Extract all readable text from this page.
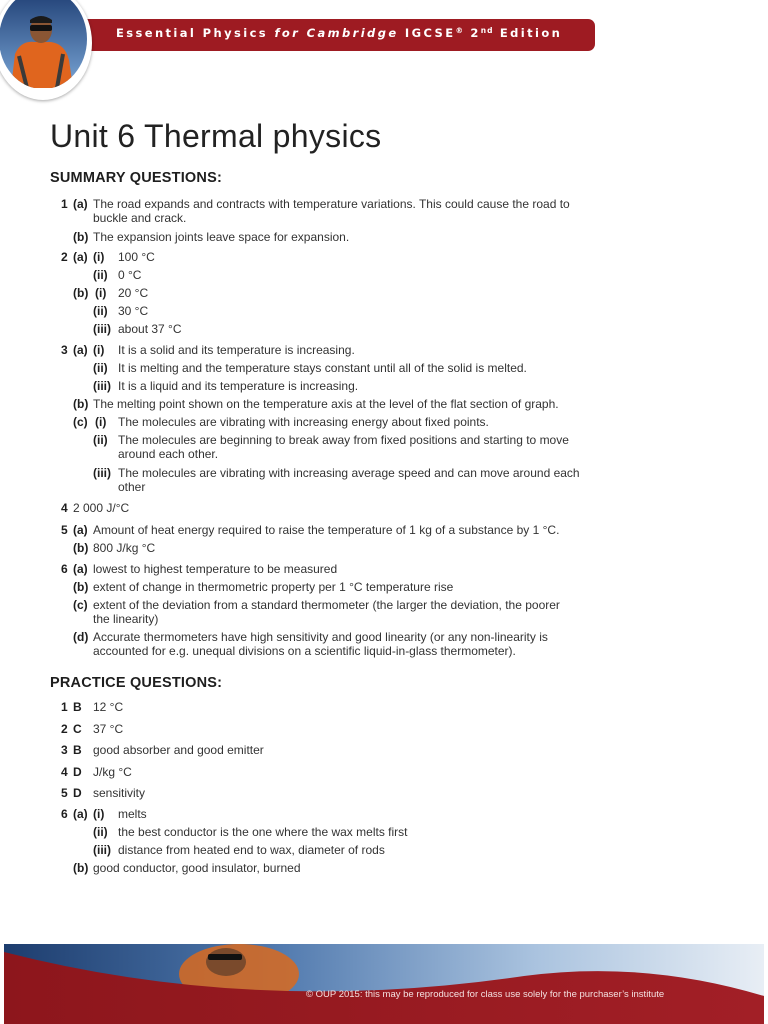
Essential Physics for Cambridge IGCSE® 2nd Edition
Unit 6 Thermal physics
SUMMARY QUESTIONS:
1 (a) The road expands and contracts with temperature variations. This could cause the road to
buckle and crack.
(b) The expansion joints leave space for expansion.
2 (a) (i) 100 °C
(ii) 0 °C
(b) (i) 20 °C
(ii) 30 °C
(iii) about 37 °C
3 (a) (i) It is a solid and its temperature is increasing.
(ii) It is melting and the temperature stays constant until all of the solid is melted.
(iii) It is a liquid and its temperature is increasing.
(b) The melting point shown on the temperature axis at the level of the flat section of graph.
(c) (i) The molecules are vibrating with increasing energy about fixed points.
(ii) The molecules are beginning to break away from fixed positions and starting to move
around each other.
(iii) The molecules are vibrating with increasing average speed and can move around each
other
4 2 000 J/°C
5 (a) Amount of heat energy required to raise the temperature of 1 kg of a substance by 1 °C.
(b) 800 J/kg °C
6 (a) lowest to highest temperature to be measured
(b) extent of change in thermometric property per 1 °C temperature rise
(c) extent of the deviation from a standard thermometer (the larger the deviation, the poorer
the linearity)
(d) Accurate thermometers have high sensitivity and good linearity (or any non-linearity is
accounted for e.g. unequal divisions on a scientific liquid-in-glass thermometer).
PRACTICE QUESTIONS:
1 B 12 °C
2 C 37 °C
3 B good absorber and good emitter
4 D J/kg °C
5 D sensitivity
6 (a) (i) melts
(ii) the best conductor is the one where the wax melts first
(iii) distance from heated end to wax, diameter of rods
(b) good conductor, good insulator, burned
© OUP 2015: this may be reproduced for class use solely for the purchaser’s institute
